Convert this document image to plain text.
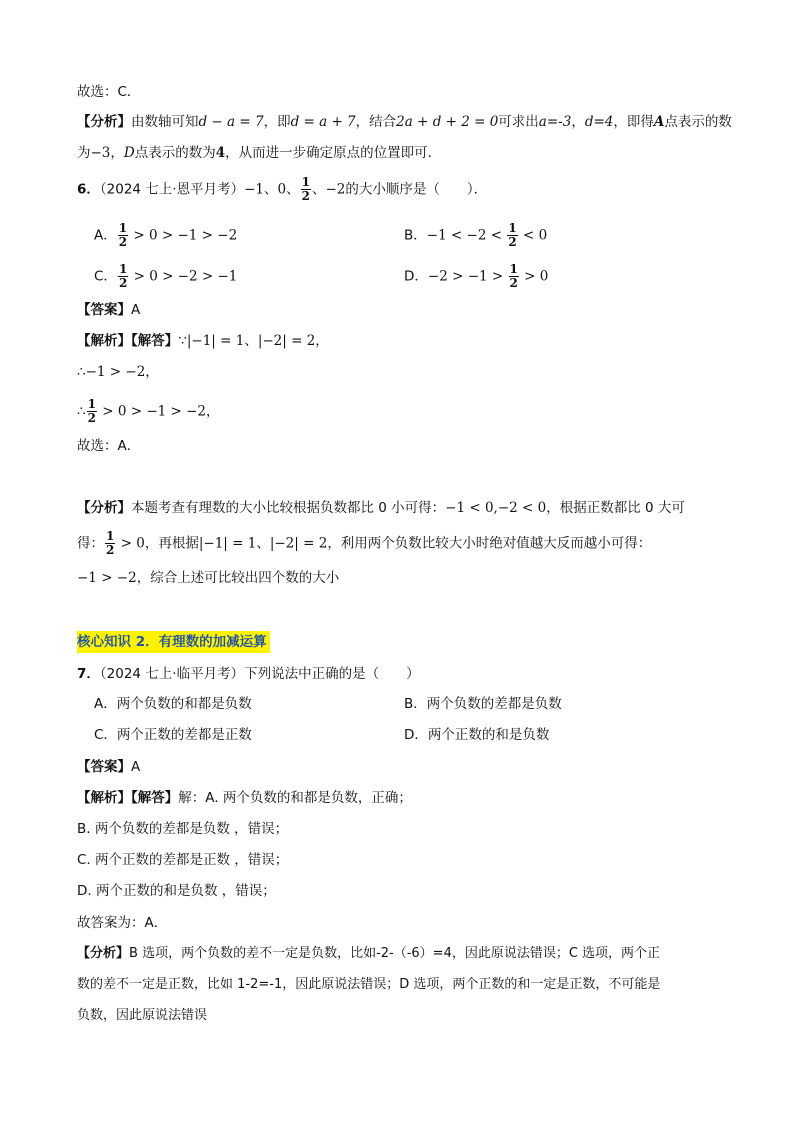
故选：C．
【分析】由数轴可知d − a = 7，即d = a + 7，结合2a + d + 2 = 0可求出a=-3，d=4，即得A点表示的数
为−3，D点表示的数为4，从而进一步确定原点的位置即可．
6．（2024 七上·恩平月考）−1、0、 $\frac{1}{2}$ 、−2的大小顺序是（　　）．
A． $\frac{1}{2} > 0 > -1 > -2$	B．$-1 < -2 < \frac{1}{2} < 0$
C． $\frac{1}{2} > 0 > -2 > -1$	D．$-2 > -1 > \frac{1}{2} > 0$
【答案】A
【解析】【解答】∵|−1| = 1、|−2| = 2，
∴−1 > −2，
∴ $\frac{1}{2} > 0 > -1 > -2$，
故选：A．
【分析】本题考查有理数的大小比较根据负数都比 0 小可得：−1 < 0,−2 < 0，根据正数都比 0 大可
得： $\frac{1}{2} > 0$，再根据|−1| = 1、|−2| = 2，利用两个负数比较大小时绝对值越大反而越小可得：
−1 > −2，综合上述可比较出四个数的大小
核心知识 2．有理数的加减运算
7．（2024 七上·临平月考）下列说法中正确的是（　　）
A．两个负数的和都是负数	B．两个负数的差都是负数
C．两个正数的差都是正数	D．两个正数的和是负数
【答案】A
【解析】【解答】解：A. 两个负数的和都是负数，正确；
B. 两个负数的差都是负数 ，错误；
C. 两个正数的差都是正数 ，错误；
D. 两个正数的和是负数 ，错误；
故答案为：A．
【分析】B 选项，两个负数的差不一定是负数，比如-2-（-6）=4，因此原说法错误；C 选项，两个正
数的差不一定是正数，比如 1-2=-1，因此原说法错误；D 选项，两个正数的和一定是正数，不可能是
负数，因此原说法错误
